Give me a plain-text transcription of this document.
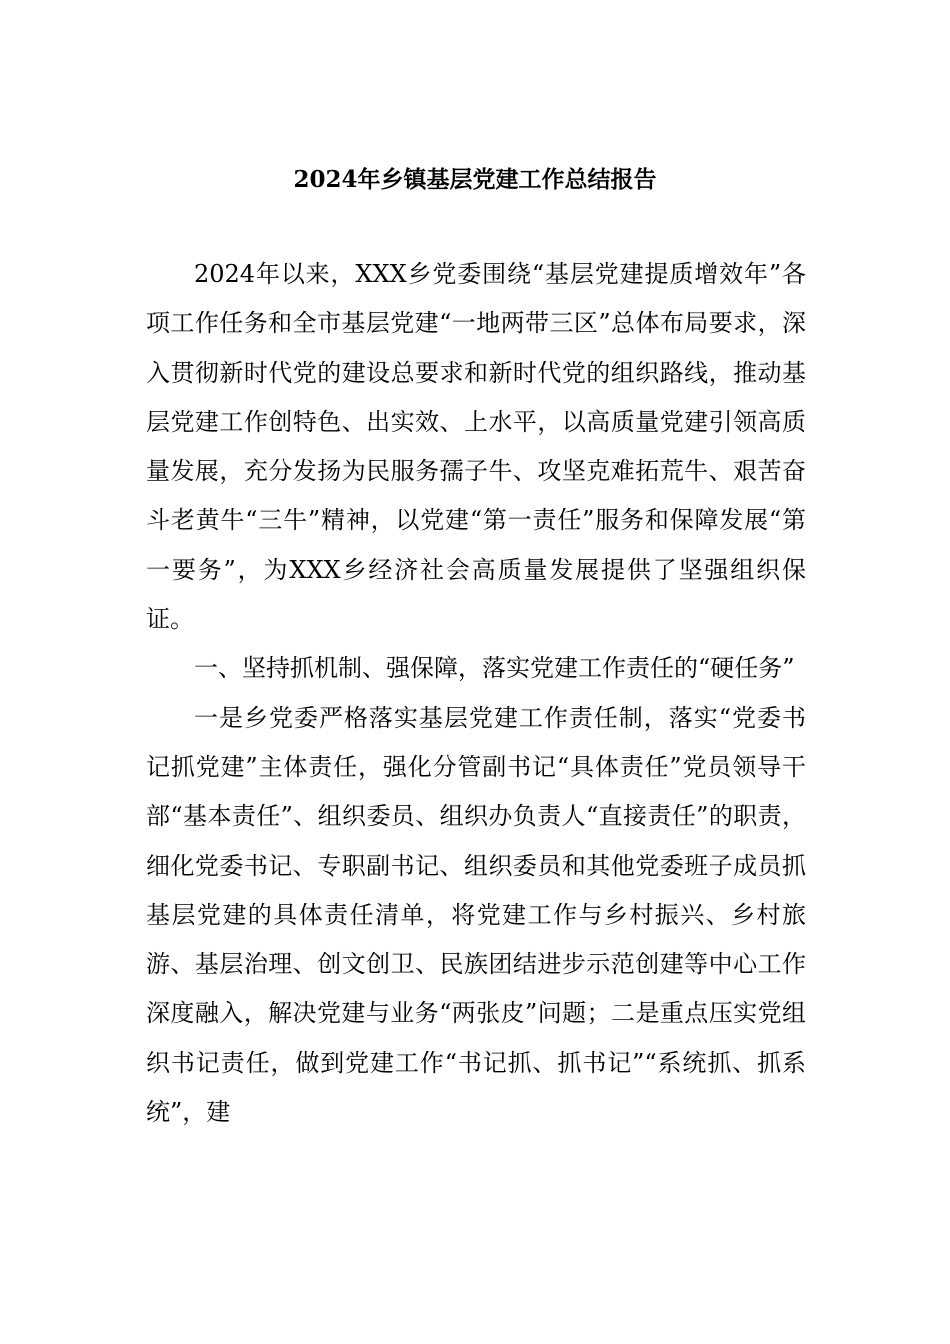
2024年乡镇基层党建工作总结报告

2024年以来，XXX乡党委围绕“基层党建提质增效年”各项工作任务和全市基层党建“一地两带三区”总体布局要求，深入贯彻新时代党的建设总要求和新时代党的组织路线，推动基层党建工作创特色、出实效、上水平，以高质量党建引领高质量发展，充分发扬为民服务孺子牛、攻坚克难拓荒牛、艰苦奋斗老黄牛“三牛”精神，以党建“第一责任”服务和保障发展“第一要务”，为XXX乡经济社会高质量发展提供了坚强组织保证。

一、坚持抓机制、强保障，落实党建工作责任的“硬任务”

一是乡党委严格落实基层党建工作责任制，落实“党委书记抓党建”主体责任，强化分管副书记“具体责任”党员领导干部“基本责任”、组织委员、组织办负责人“直接责任”的职责，细化党委书记、专职副书记、组织委员和其他党委班子成员抓基层党建的具体责任清单，将党建工作与乡村振兴、乡村旅游、基层治理、创文创卫、民族团结进步示范创建等中心工作深度融入，解决党建与业务“两张皮”问题；二是重点压实党组织书记责任，做到党建工作“书记抓、抓书记”“系统抓、抓系统”，建
